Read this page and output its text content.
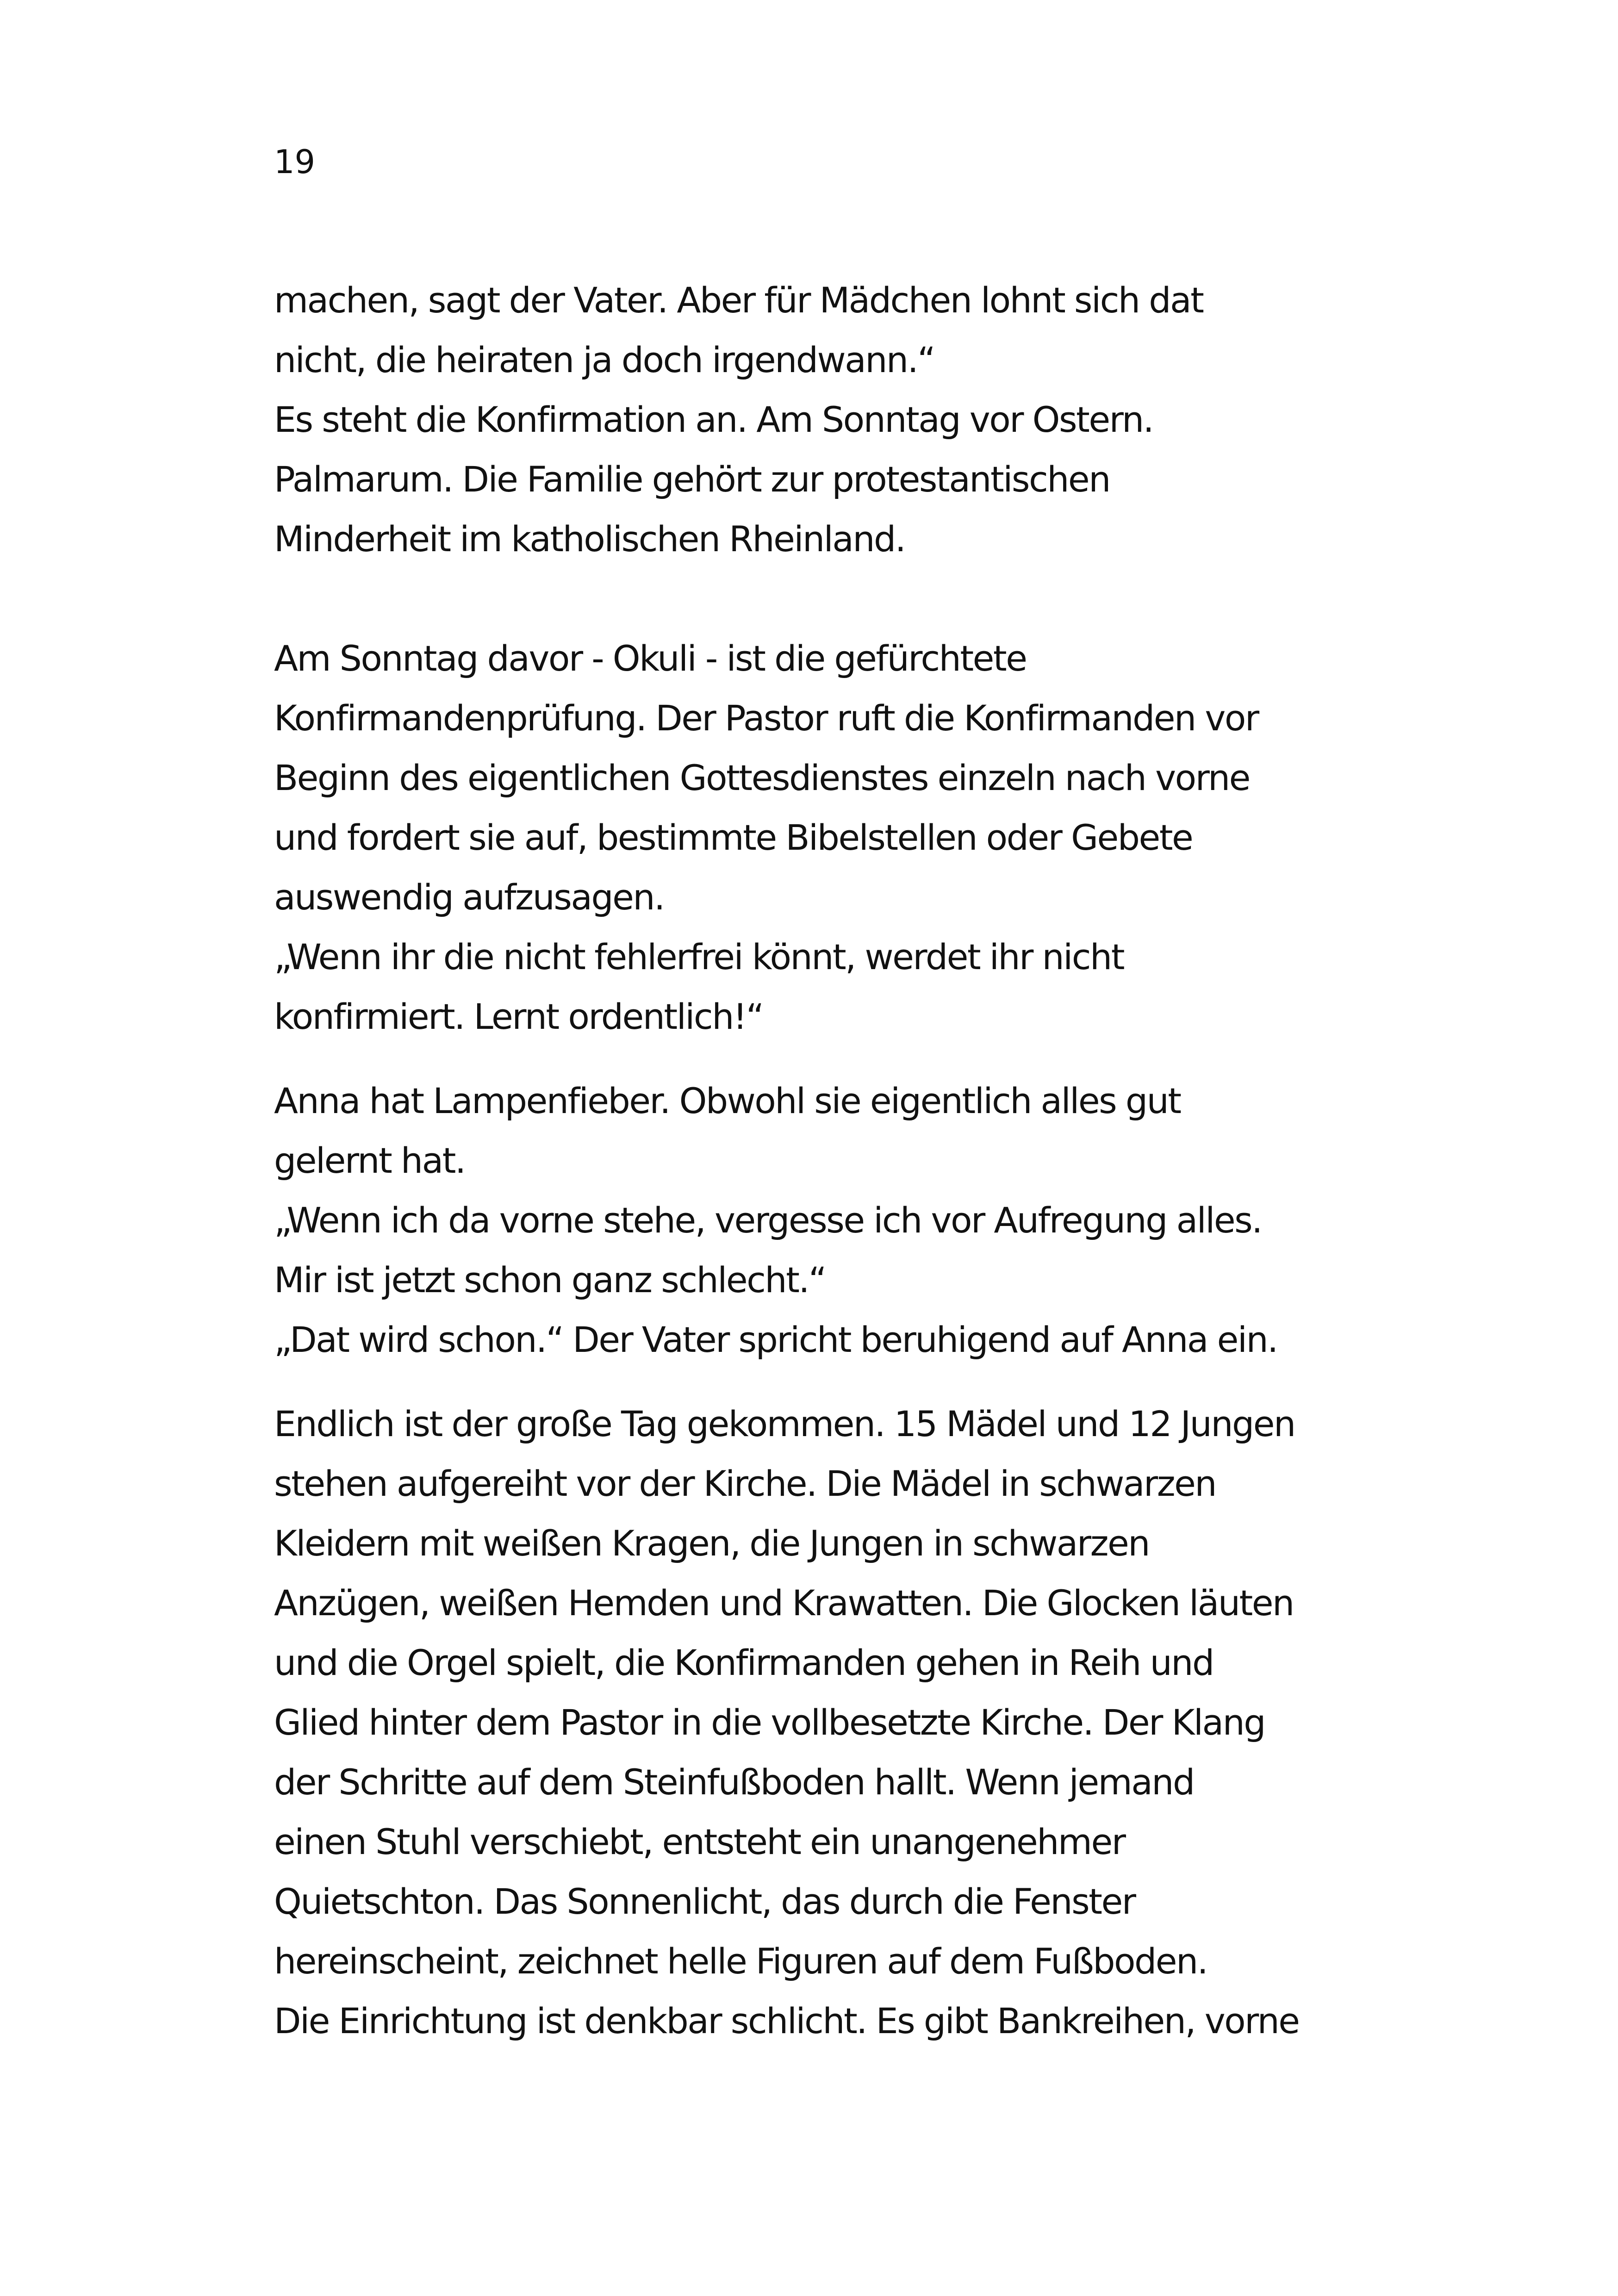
19
machen, sagt der Vater. Aber für Mädchen lohnt sich dat
nicht, die heiraten ja doch irgendwann.“
Es steht die Konfirmation an. Am Sonntag vor Ostern.
Palmarum. Die Familie gehört zur protestantischen
Minderheit im katholischen Rheinland.
Am Sonntag davor - Okuli - ist die gefürchtete
Konfirmandenprüfung. Der Pastor ruft die Konfirmanden vor
Beginn des eigentlichen Gottesdienstes einzeln nach vorne
und fordert sie auf, bestimmte Bibelstellen oder Gebete
auswendig aufzusagen.
„Wenn ihr die nicht fehlerfrei könnt, werdet ihr nicht
konfirmiert. Lernt ordentlich!“
Anna hat Lampenfieber. Obwohl sie eigentlich alles gut
gelernt hat.
„Wenn ich da vorne stehe, vergesse ich vor Aufregung alles.
Mir ist jetzt schon ganz schlecht.“
„Dat wird schon.“ Der Vater spricht beruhigend auf Anna ein.
Endlich ist der große Tag gekommen. 15 Mädel und 12 Jungen
stehen aufgereiht vor der Kirche. Die Mädel in schwarzen
Kleidern mit weißen Kragen, die Jungen in schwarzen
Anzügen, weißen Hemden und Krawatten. Die Glocken läuten
und die Orgel spielt, die Konfirmanden gehen in Reih und
Glied hinter dem Pastor in die vollbesetzte Kirche. Der Klang
der Schritte auf dem Steinfußboden hallt. Wenn jemand
einen Stuhl verschiebt, entsteht ein unangenehmer
Quietschton. Das Sonnenlicht, das durch die Fenster
hereinscheint, zeichnet helle Figuren auf dem Fußboden.
Die Einrichtung ist denkbar schlicht. Es gibt Bankreihen, vorne
